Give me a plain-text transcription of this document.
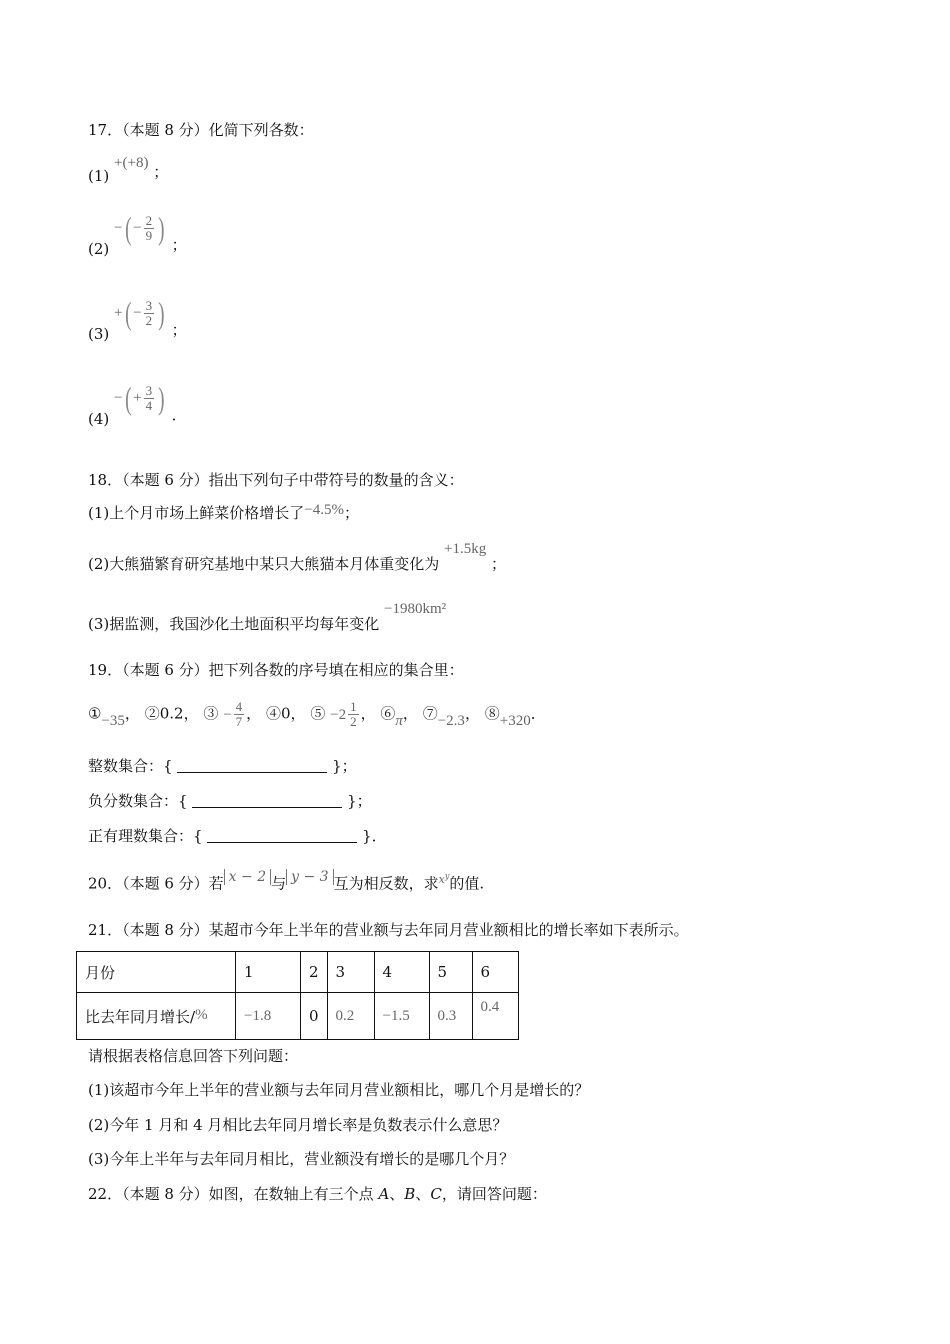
17．（本题 8 分）化简下列各数：
(1) +(+8) ；
(2)
− ( − $\frac{2}{9}$ ) ；
(3)
+ ( − $\frac{3}{2}$ ) ；
(4)
− ( + $\frac{3}{4}$ ) ．
18．（本题 6 分）指出下列句子中带符号的数量的含义：
(1)上个月市场上鲜菜价格增长了−4.5%；
(2)大熊猫繁育研究基地中某只大熊猫本月体重变化为 +1.5kg ；
(3)据监测，我国沙化土地面积平均每年变化 −1980km²
19．（本题 6 分）把下列各数的序号填在相应的集合里：
①−35， ②0.2， ③ − $\frac{4}{7}$ ， ④0， ⑤ $-2 \frac{1}{2}$ ， ⑥π， ⑦−2.3， ⑧+320．
整数集合：{	}；
负分数集合：{	}；
正有理数集合：{	}．
20．（本题 6 分）若 x − 2 与 y − 3 互为相反数，求$^{x^y}$的值.
21．（本题 8 分）某超市今年上半年的营业额与去年同月营业额相比的增长率如下表所示。
月份	1	2	3	4	5	6
比去年同月增长/%	−1.8	0	0.2	−1.5	0.3	0.4
请根据表格信息回答下列问题：
(1)该超市今年上半年的营业额与去年同月营业额相比，哪几个月是增长的？
(2)今年 1 月和 4 月相比去年同月增长率是负数表示什么意思？
(3)今年上半年与去年同月相比，营业额没有增长的是哪几个月？
22．（本题 8 分）如图，在数轴上有三个点 A、B、C，请回答问题：
